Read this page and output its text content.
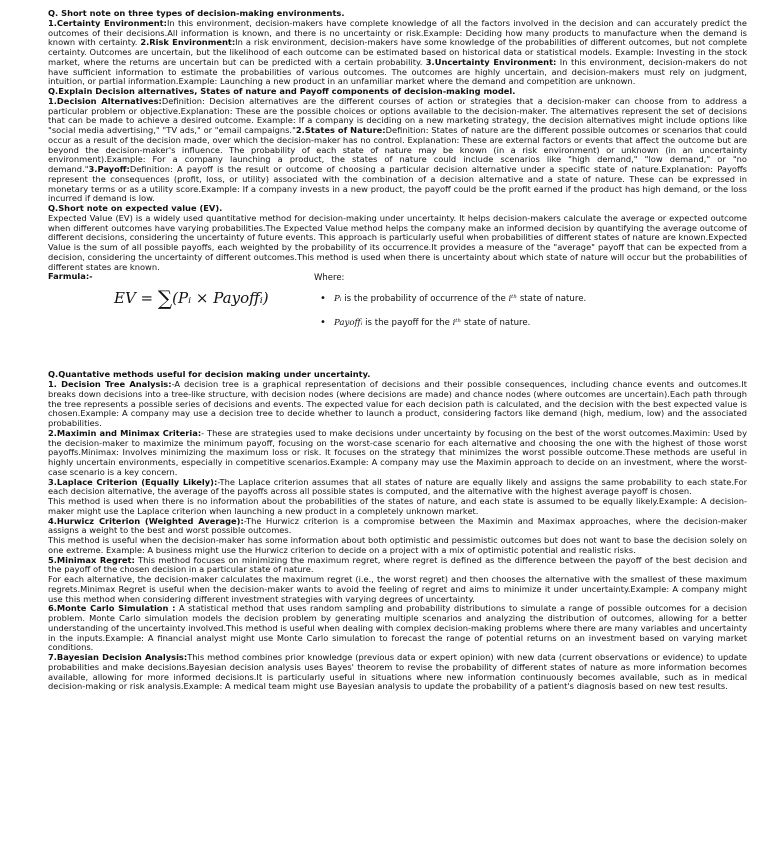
Q. Short note on three types of decision-making environments.

1.Certainty Environment:In this environment, decision-makers have complete knowledge of all the factors involved in the decision and can accurately predict the outcomes of their decisions.All information is known, and there is no uncertainty or risk.Example: Deciding how many products to manufacture when the demand is known with certainty. 2.Risk Environment:In a risk environment, decision-makers have some knowledge of the probabilities of different outcomes, but not complete certainty. Outcomes are uncertain, but the likelihood of each outcome can be estimated based on historical data or statistical models. Example: Investing in the stock market, where the returns are uncertain but can be predicted with a certain probability. 3.Uncertainty Environment: In this environment, decision-makers do not have sufficient information to estimate the probabilities of various outcomes. The outcomes are highly uncertain, and decision-makers must rely on judgment, intuition, or partial information.Example: Launching a new product in an unfamiliar market where the demand and competition are unknown.

Q.Explain Decision alternatives, States of nature and Payoff components of decision-making model.

1.Decision Alternatives:Definition: Decision alternatives are the different courses of action or strategies that a decision-maker can choose from to address a particular problem or objective.Explanation: These are the possible choices or options available to the decision-maker. The alternatives represent the set of decisions that can be made to achieve a desired outcome. Example: If a company is deciding on a new marketing strategy, the decision alternatives might include options like "social media advertising," "TV ads," or "email campaigns."2.States of Nature:Definition: States of nature are the different possible outcomes or scenarios that could occur as a result of the decision made, over which the decision-maker has no control. Explanation: These are external factors or events that affect the outcome but are beyond the decision-maker's influence. The probability of each state of nature may be known (in a risk environment) or unknown (in an uncertainty environment).Example: For a company launching a product, the states of nature could include scenarios like "high demand," "low demand," or "no demand."3.Payoff:Definition: A payoff is the result or outcome of choosing a particular decision alternative under a specific state of nature.Explanation: Payoffs represent the consequences (profit, loss, or utility) associated with the combination of a decision alternative and a state of nature. These can be expressed in monetary terms or as a utility score.Example: If a company invests in a new product, the payoff could be the profit earned if the product has high demand, or the loss incurred if demand is low.

Q.Short note on expected value (EV).

Expected Value (EV) is a widely used quantitative method for decision-making under uncertainty. It helps decision-makers calculate the average or expected outcome when different outcomes have varying probabilities.The Expected Value method helps the company make an informed decision by quantifying the average outcome of different decisions, considering the uncertainty of future events. This approach is particularly useful when probabilities of different states of nature are known.Expected Value is the sum of all possible payoffs, each weighted by the probability of its occurrence.It provides a measure of the "average" payoff that can be expected from a decision, considering the uncertainty of different outcomes.This method is used when there is uncertainty about which state of nature will occur but the probabilities of different states are known.

Farmula:-	Where:
EV = ∑(Pᵢ × Payoffᵢ)	• Pᵢ is the probability of occurrence of the iᵗʰ state of nature.
• Payoffᵢ is the payoff for the iᵗʰ state of nature.
Q.Quantative methods useful for decision making under uncertainty.

1. Decision Tree Analysis:-A decision tree is a graphical representation of decisions and their possible consequences, including chance events and outcomes.It breaks down decisions into a tree-like structure, with decision nodes (where decisions are made) and chance nodes (where outcomes are uncertain).Each path through the tree represents a possible series of decisions and events. The expected value for each decision path is calculated, and the decision with the best expected value is chosen.Example: A company may use a decision tree to decide whether to launch a product, considering factors like demand (high, medium, low) and the associated probabilities.

2.Maximin and Minimax Criteria:- These are strategies used to make decisions under uncertainty by focusing on the best of the worst outcomes.Maximin: Used by the decision-maker to maximize the minimum payoff, focusing on the worst-case scenario for each alternative and choosing the one with the highest of those worst payoffs.Minimax: Involves minimizing the maximum loss or risk. It focuses on the strategy that minimizes the worst possible outcome.These methods are useful in highly uncertain environments, especially in competitive scenarios.Example: A company may use the Maximin approach to decide on an investment, where the worst-case scenario is a key concern.

3.Laplace Criterion (Equally Likely):-The Laplace criterion assumes that all states of nature are equally likely and assigns the same probability to each state.For each decision alternative, the average of the payoffs across all possible states is computed, and the alternative with the highest average payoff is chosen.

This method is used when there is no information about the probabilities of the states of nature, and each state is assumed to be equally likely.Example: A decision-maker might use the Laplace criterion when launching a new product in a completely unknown market.

4.Hurwicz Criterion (Weighted Average):-The Hurwicz criterion is a compromise between the Maximin and Maximax approaches, where the decision-maker assigns a weight to the best and worst possible outcomes.

This method is useful when the decision-maker has some information about both optimistic and pessimistic outcomes but does not want to base the decision solely on one extreme. Example: A business might use the Hurwicz criterion to decide on a project with a mix of optimistic potential and realistic risks.

5.Minimax Regret: This method focuses on minimizing the maximum regret, where regret is defined as the difference between the payoff of the best decision and the payoff of the chosen decision in a particular state of nature.

For each alternative, the decision-maker calculates the maximum regret (i.e., the worst regret) and then chooses the alternative with the smallest of these maximum regrets.Minimax Regret is useful when the decision-maker wants to avoid the feeling of regret and aims to minimize it under uncertainty.Example: A company might use this method when considering different investment strategies with varying degrees of uncertainty.

6.Monte Carlo Simulation : A statistical method that uses random sampling and probability distributions to simulate a range of possible outcomes for a decision problem. Monte Carlo simulation models the decision problem by generating multiple scenarios and analyzing the distribution of outcomes, allowing for a better understanding of the uncertainty involved.This method is useful when dealing with complex decision-making problems where there are many variables and uncertainty in the inputs.Example: A financial analyst might use Monte Carlo simulation to forecast the range of potential returns on an investment based on varying market conditions.

7.Bayesian Decision Analysis:This method combines prior knowledge (previous data or expert opinion) with new data (current observations or evidence) to update probabilities and make decisions.Bayesian decision analysis uses Bayes' theorem to revise the probability of different states of nature as more information becomes available, allowing for more informed decisions.It is particularly useful in situations where new information continuously becomes available, such as in medical decision-making or risk analysis.Example: A medical team might use Bayesian analysis to update the probability of a patient's diagnosis based on new test results.
